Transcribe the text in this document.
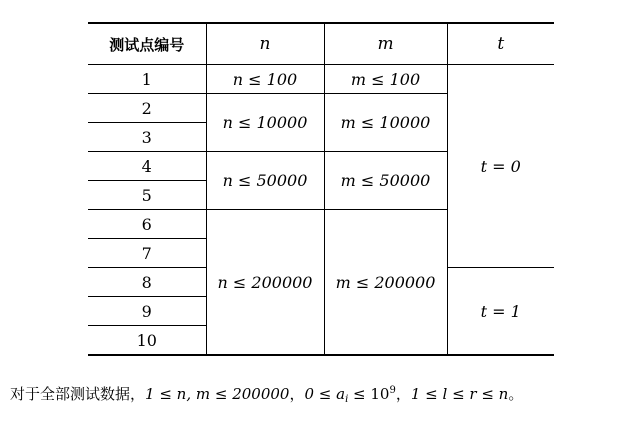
测试点编号	n	m	t
1	n ≤ 100	m ≤ 100	t = 0
2	n ≤ 10000	m ≤ 10000	
3			
4	n ≤ 50000	m ≤ 50000	
5			
6	n ≤ 200000	m ≤ 200000	
7			
8			t = 1
9			
10			
对于全部测试数据，1 ≤ n, m ≤ 200000，$0 \le a_i \le 10^9$，1 ≤ l ≤ r ≤ n。
